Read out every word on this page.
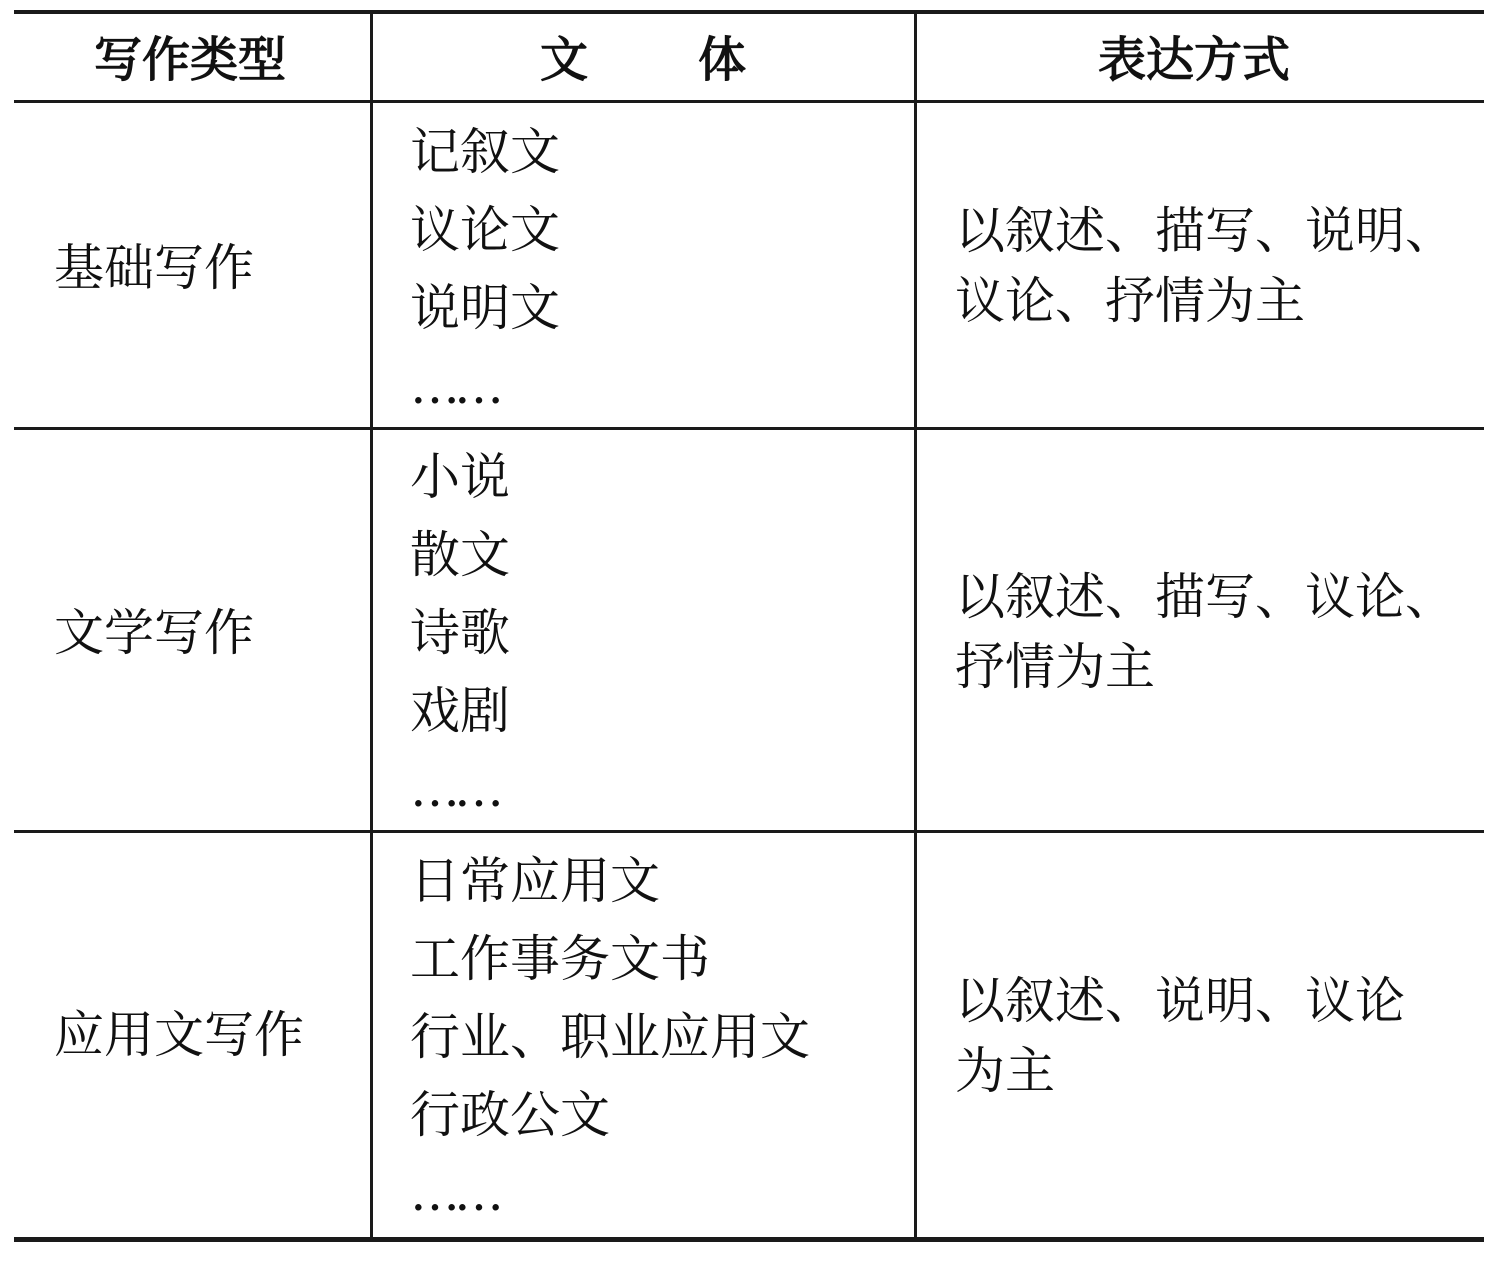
写作类型	文 体	表达方式
基础写作
记叙文
议论文
说明文
……
以叙述、描写、说明、
议论、抒情为主
文学写作
小说
散文
诗歌
戏剧
……
以叙述、描写、议论、
抒情为主
应用文写作
日常应用文
工作事务文书
行业、职业应用文
行政公文
……
以叙述、说明、议论
为主
